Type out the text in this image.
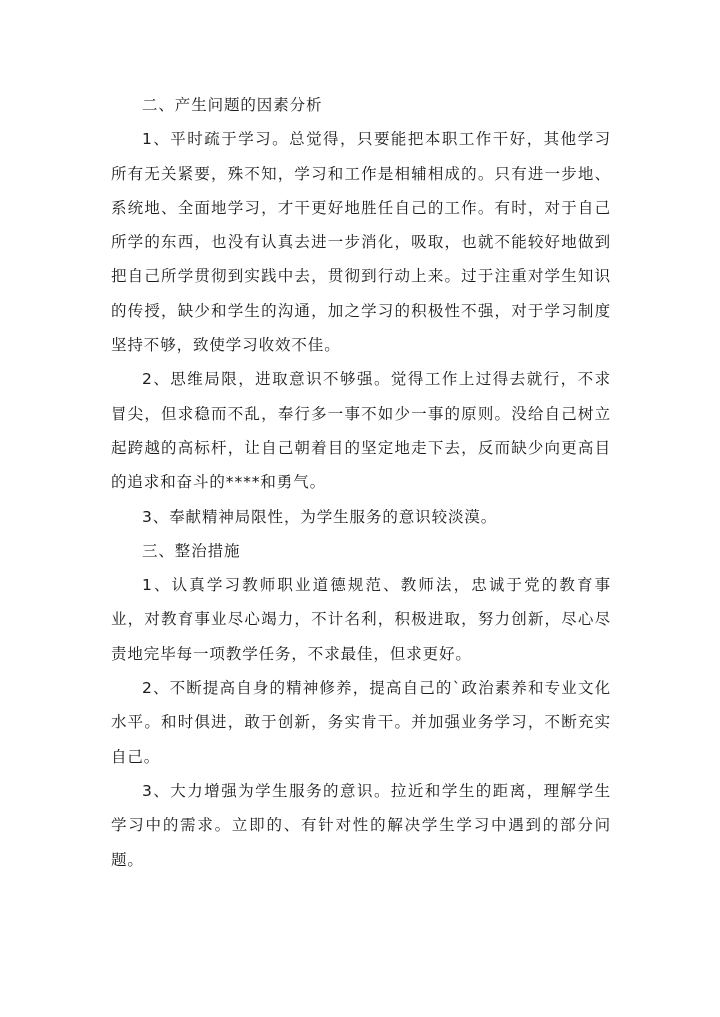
二、产生问题的因素分析

1、平时疏于学习。总觉得，只要能把本职工作干好，其他学习所有无关紧要，殊不知，学习和工作是相辅相成的。只有进一步地、系统地、全面地学习，才干更好地胜任自己的工作。有时，对于自己所学的东西，也没有认真去进一步消化，吸取，也就不能较好地做到把自己所学贯彻到实践中去，贯彻到行动上来。过于注重对学生知识的传授，缺少和学生的沟通，加之学习的积极性不强，对于学习制度坚持不够，致使学习收效不佳。

2、思维局限，进取意识不够强。觉得工作上过得去就行，不求冒尖，但求稳而不乱，奉行多一事不如少一事的原则。没给自己树立起跨越的高标杆，让自己朝着目的坚定地走下去，反而缺少向更高目的追求和奋斗的****和勇气。

3、奉献精神局限性，为学生服务的意识较淡漠。

三、整治措施

1、认真学习教师职业道德规范、教师法，忠诚于党的教育事业，对教育事业尽心竭力，不计名利，积极进取，努力创新，尽心尽责地完毕每一项教学任务，不求最佳，但求更好。

2、不断提高自身的精神修养，提高自己的`政治素养和专业文化水平。和时俱进，敢于创新，务实肯干。并加强业务学习，不断充实自己。

3、大力增强为学生服务的意识。拉近和学生的距离，理解学生学习中的需求。立即的、有针对性的解决学生学习中遇到的部分问题。
